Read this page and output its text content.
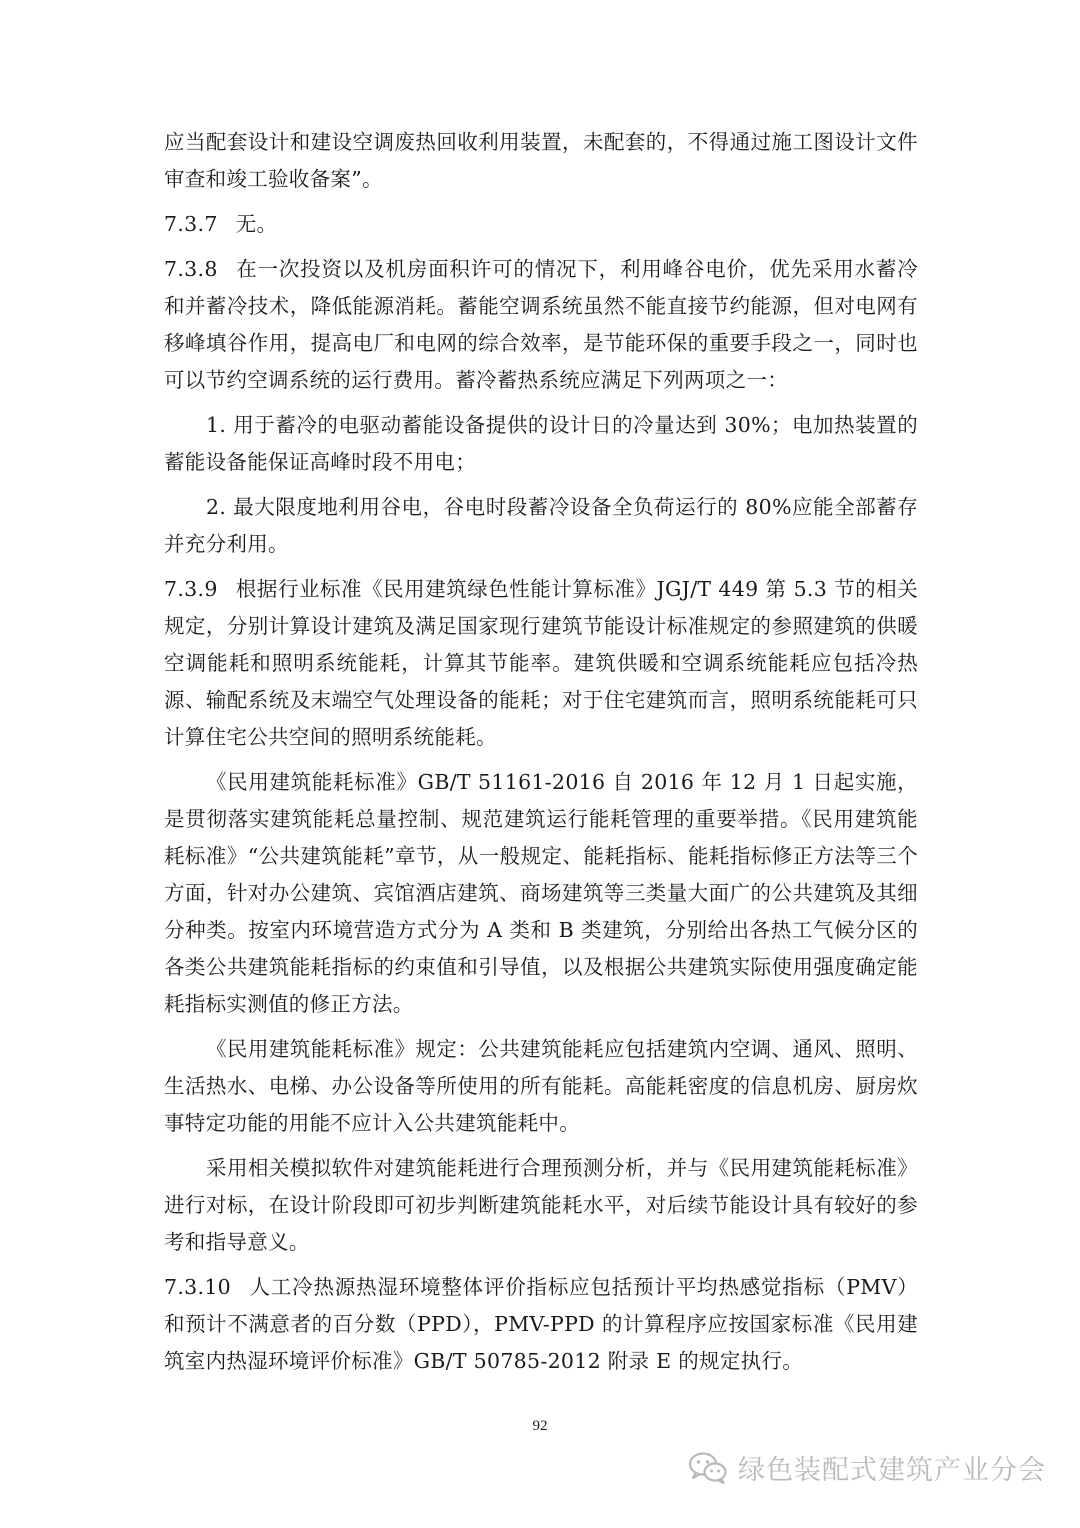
应当配套设计和建设空调废热回收利用装置，未配套的，不得通过施工图设计文件审查和竣工验收备案”。

7.3.7 无。

7.3.8 在一次投资以及机房面积许可的情况下，利用峰谷电价，优先采用水蓄冷和并蓄冷技术，降低能源消耗。蓄能空调系统虽然不能直接节约能源，但对电网有移峰填谷作用，提高电厂和电网的综合效率，是节能环保的重要手段之一，同时也可以节约空调系统的运行费用。蓄冷蓄热系统应满足下列两项之一：

1. 用于蓄冷的电驱动蓄能设备提供的设计日的冷量达到 30%；电加热装置的蓄能设备能保证高峰时段不用电；

2. 最大限度地利用谷电，谷电时段蓄冷设备全负荷运行的 80%应能全部蓄存并充分利用。

7.3.9 根据行业标准《民用建筑绿色性能计算标准》JGJ/T 449 第 5.3 节的相关规定，分别计算设计建筑及满足国家现行建筑节能设计标准规定的参照建筑的供暖空调能耗和照明系统能耗，计算其节能率。建筑供暖和空调系统能耗应包括冷热源、输配系统及末端空气处理设备的能耗；对于住宅建筑而言，照明系统能耗可只计算住宅公共空间的照明系统能耗。

《民用建筑能耗标准》GB/T 51161-2016 自 2016 年 12 月 1 日起实施，是贯彻落实建筑能耗总量控制、规范建筑运行能耗管理的重要举措。《民用建筑能耗标准》“公共建筑能耗”章节，从一般规定、能耗指标、能耗指标修正方法等三个方面，针对办公建筑、宾馆酒店建筑、商场建筑等三类量大面广的公共建筑及其细分种类。按室内环境营造方式分为 A 类和 B 类建筑，分别给出各热工气候分区的各类公共建筑能耗指标的约束值和引导值，以及根据公共建筑实际使用强度确定能耗指标实测值的修正方法。

《民用建筑能耗标准》规定：公共建筑能耗应包括建筑内空调、通风、照明、生活热水、电梯、办公设备等所使用的所有能耗。高能耗密度的信息机房、厨房炊事特定功能的用能不应计入公共建筑能耗中。

采用相关模拟软件对建筑能耗进行合理预测分析，并与《民用建筑能耗标准》进行对标，在设计阶段即可初步判断建筑能耗水平，对后续节能设计具有较好的参考和指导意义。

7.3.10 人工冷热源热湿环境整体评价指标应包括预计平均热感觉指标（PMV）和预计不满意者的百分数（PPD），PMV-PPD 的计算程序应按国家标准《民用建筑室内热湿环境评价标准》GB/T 50785-2012 附录 E 的规定执行。

92
绿色装配式建筑产业分会
